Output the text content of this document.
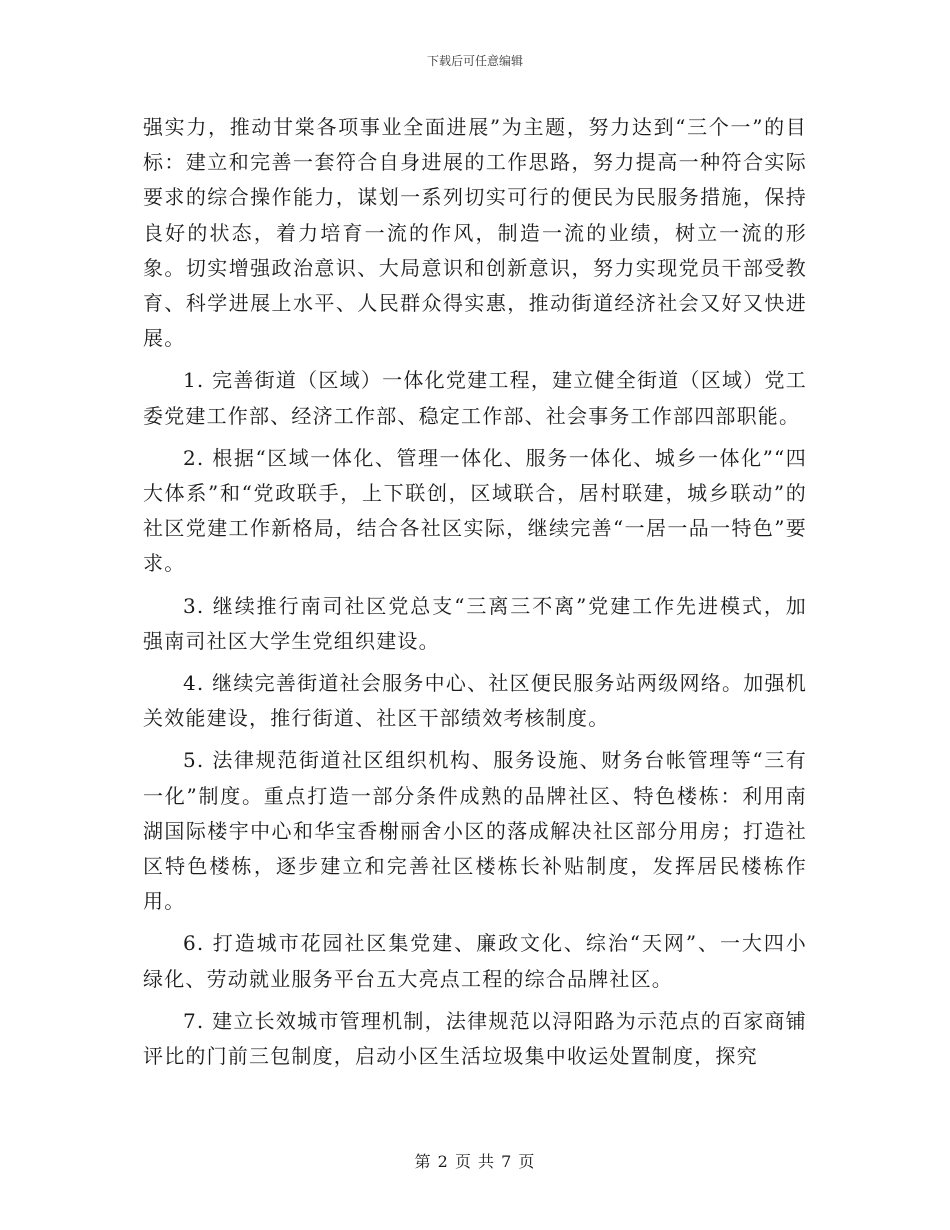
下载后可任意编辑

强实力，推动甘棠各项事业全面进展”为主题，努力达到“三个一”的目标：建立和完善一套符合自身进展的工作思路，努力提高一种符合实际要求的综合操作能力，谋划一系列切实可行的便民为民服务措施，保持良好的状态，着力培育一流的作风，制造一流的业绩，树立一流的形象。切实增强政治意识、大局意识和创新意识，努力实现党员干部受教育、科学进展上水平、人民群众得实惠，推动街道经济社会又好又快进展。

1. 完善街道（区域）一体化党建工程，建立健全街道（区域）党工委党建工作部、经济工作部、稳定工作部、社会事务工作部四部职能。

2. 根据“区域一体化、管理一体化、服务一体化、城乡一体化”“四大体系”和“党政联手，上下联创，区域联合，居村联建，城乡联动”的社区党建工作新格局，结合各社区实际，继续完善“一居一品一特色”要求。

3. 继续推行南司社区党总支“三离三不离”党建工作先进模式，加强南司社区大学生党组织建设。

4. 继续完善街道社会服务中心、社区便民服务站两级网络。加强机关效能建设，推行街道、社区干部绩效考核制度。

5. 法律规范街道社区组织机构、服务设施、财务台帐管理等“三有一化”制度。重点打造一部分条件成熟的品牌社区、特色楼栋：利用南湖国际楼宇中心和华宝香榭丽舍小区的落成解决社区部分用房；打造社区特色楼栋，逐步建立和完善社区楼栋长补贴制度，发挥居民楼栋作用。

6. 打造城市花园社区集党建、廉政文化、综治“天网”、一大四小绿化、劳动就业服务平台五大亮点工程的综合品牌社区。

7. 建立长效城市管理机制，法律规范以浔阳路为示范点的百家商铺评比的门前三包制度，启动小区生活垃圾集中收运处置制度，探究

第 2 页 共 7 页
